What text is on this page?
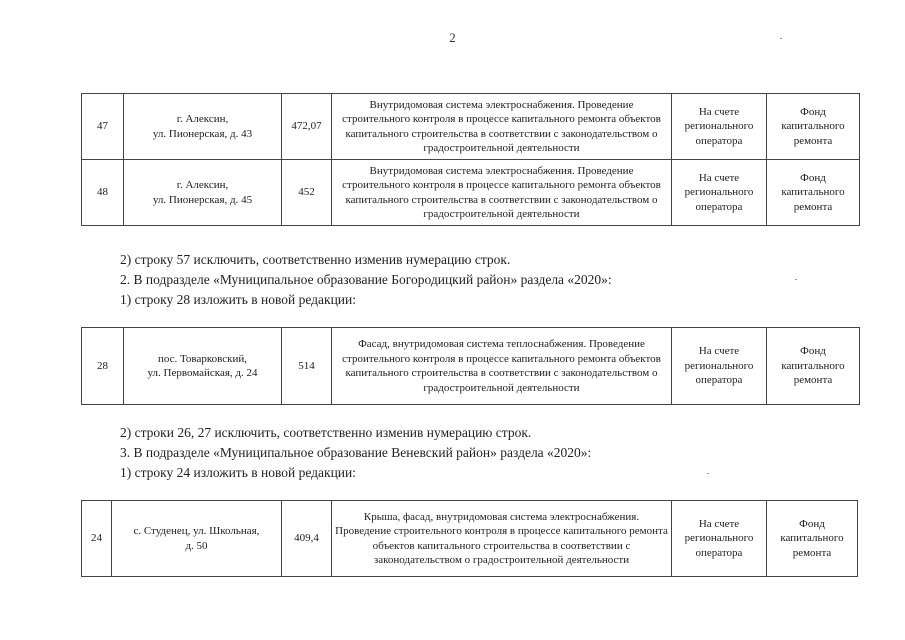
2
47	г. Алексин,
ул. Пионерская, д. 43	472,07	Внутридомовая система электроснабжения. Проведение строительного контроля в процессе капитального ремонта объектов капитального строительства в соответствии с законодательством о градостроительной деятельности	На счете регионального оператора	Фонд капитального ремонта
48	г. Алексин,
ул. Пионерская, д. 45	452	Внутридомовая система электроснабжения. Проведение строительного контроля в процессе капитального ремонта объектов капитального строительства в соответствии с законодательством о градостроительной деятельности	На счете регионального оператора	Фонд капитального ремонта
2) строку 57 исключить, соответственно изменив нумерацию строк.
2. В подразделе «Муниципальное образование Богородицкий район» раздела «2020»:
1) строку 28 изложить в новой редакции:
28	пос. Товарковский,
ул. Первомайская, д. 24	514	Фасад, внутридомовая система теплоснабжения. Проведение строительного контроля в процессе капитального ремонта объектов капитального строительства в соответствии с законодательством о градостроительной деятельности	На счете регионального оператора	Фонд капитального ремонта
2) строки 26, 27 исключить, соответственно изменив нумерацию строк.
3. В подразделе «Муниципальное образование Веневский район» раздела «2020»:
1) строку 24 изложить в новой редакции:
24	с. Студенец, ул. Школьная,
д. 50	409,4	Крыша, фасад, внутридомовая система электроснабжения. Проведение строительного контроля в процессе капитального ремонта объектов капитального строительства в соответствии с законодательством о градостроительной деятельности	На счете регионального оператора	Фонд капитального ремонта
